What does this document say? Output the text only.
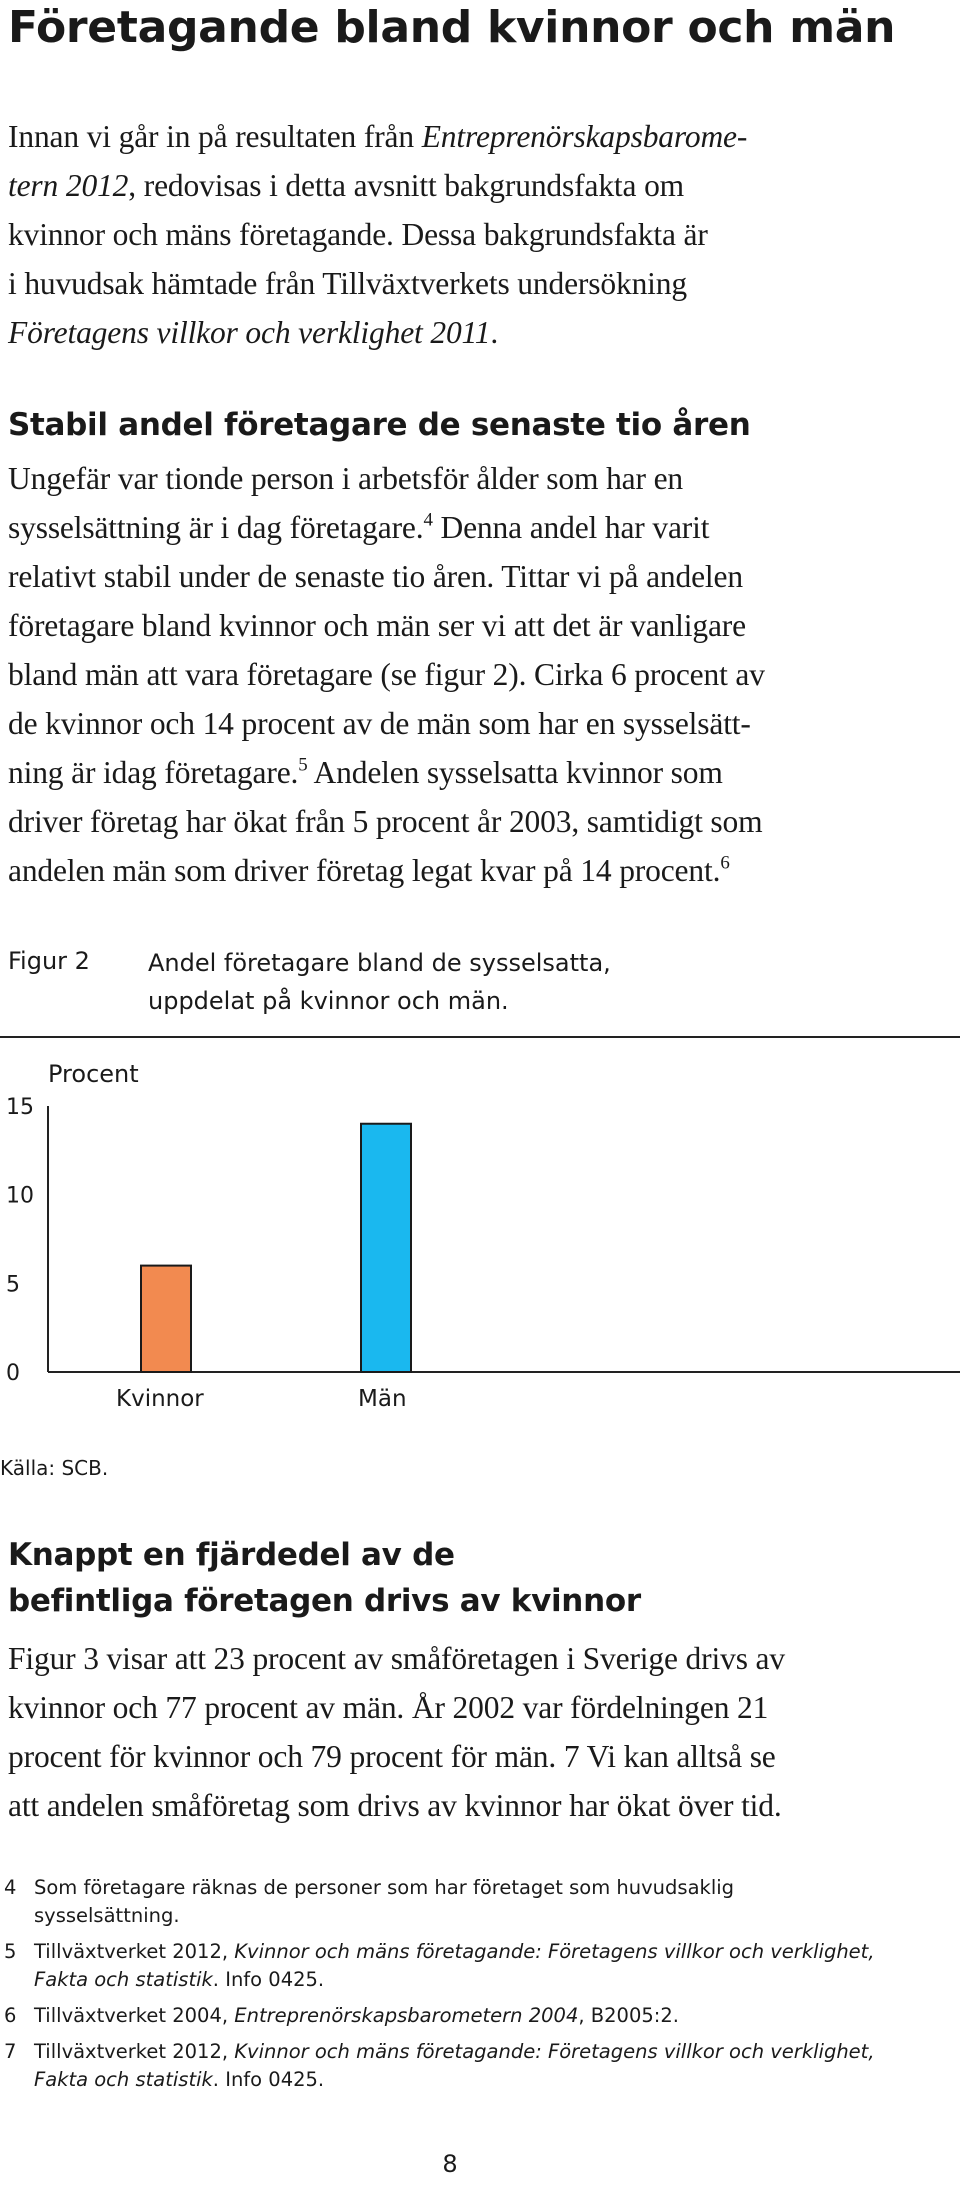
Företagande bland kvinnor och män

Innan vi går in på resultaten från Entreprenörskapsbarome-
tern 2012, redovisas i detta avsnitt bakgrundsfakta om
kvinnor och mäns företagande. Dessa bakgrundsfakta är
i huvudsak hämtade från Tillväxtverkets undersökning
Företagens villkor och verklighet 2011.

Stabil andel företagare de senaste tio åren

Ungefär var tionde person i arbetsför ålder som har en
sysselsättning är i dag företagare.$^4$ Denna andel har varit
relativt stabil under de senaste tio åren. Tittar vi på andelen
företagare bland kvinnor och män ser vi att det är vanligare
bland män att vara företagare (se figur 2). Cirka 6 procent av
de kvinnor och 14 procent av de män som har en sysselsätt-
ning är idag företagare.$^5$ Andelen sysselsatta kvinnor som
driver företag har ökat från 5 procent år 2003, samtidigt som
andelen män som driver företag legat kvar på 14 procent.$^6$

Figur 2 Andel företagare bland de sysselsatta,
uppdelat på kvinnor och män.
0
5
10
15
Procent
Kvinnor	Män
Källa: SCB.
Knappt en fjärdedel av de
befintliga företagen drivs av kvinnor

Figur 3 visar att 23 procent av småföretagen i Sverige drivs av
kvinnor och 77 procent av män. År 2002 var fördelningen 21
procent för kvinnor och 79 procent för män. 7 Vi kan alltså se
att andelen småföretag som drivs av kvinnor har ökat över tid.

4 Som företagare räknas de personer som har företaget som huvudsaklig
sysselsättning.
5 Tillväxtverket 2012, Kvinnor och mäns företagande: Företagens villkor och verklighet,
Fakta och statistik. Info 0425.
6 Tillväxtverket 2004, Entreprenörskapsbarometern 2004, B2005:2.
7 Tillväxtverket 2012, Kvinnor och mäns företagande: Företagens villkor och verklighet,
Fakta och statistik. Info 0425.
8
